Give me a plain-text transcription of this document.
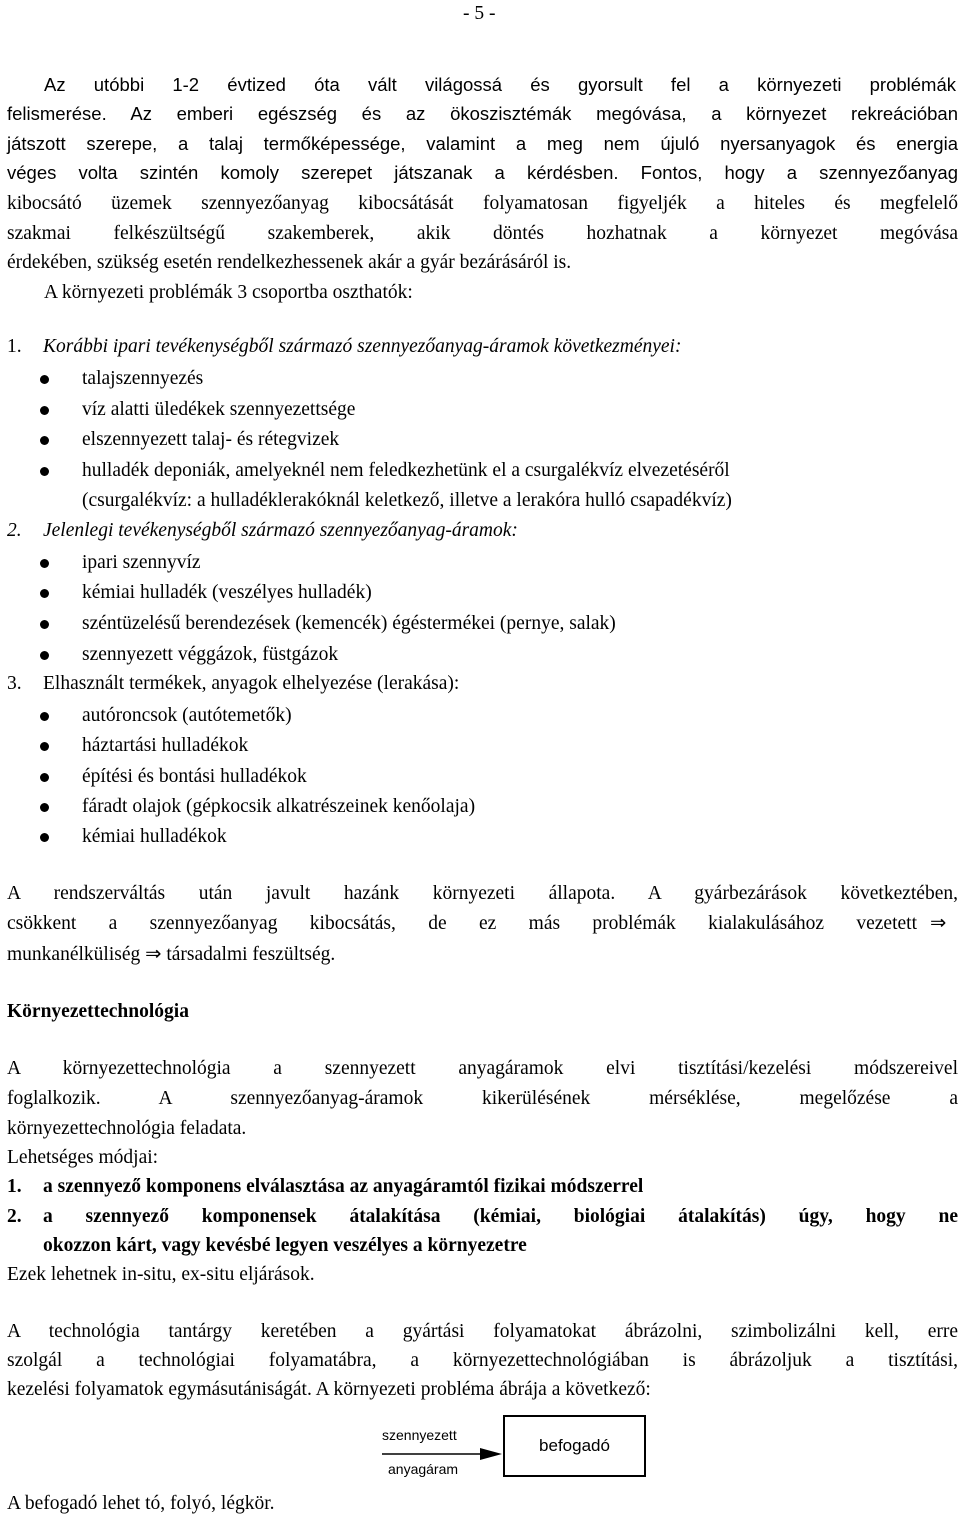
- 5 -
Az utóbbi 1-2 évtized óta vált világossá és gyorsult fel a környezeti problémák
felismerése. Az emberi egészség és az ökoszisztémák megóvása, a környezet rekreációban
játszott szerepe, a talaj termőképessége, valamint a meg nem újuló nyersanyagok és energia
véges volta szintén komoly szerepet játszanak a kérdésben. Fontos, hogy a szennyezőanyag
kibocsátó üzemek szennyezőanyag kibocsátását folyamatosan figyeljék a hiteles és megfelelő
szakmai felkészültségű szakemberek, akik döntés hozhatnak a környezet megóvása
érdekében, szükség esetén rendelkezhessenek akár a gyár bezárásáról is.
A környezeti problémák 3 csoportba oszthatók:
1. Korábbi ipari tevékenységből származó szennyezőanyag-áramok következményei:
talajszennyezés
víz alatti üledékek szennyezettsége
elszennyezett talaj- és rétegvizek
hulladék deponiák, amelyeknél nem feledkezhetünk el a csurgalékvíz elvezetéséről
(csurgalékvíz: a hulladéklerakóknál keletkező, illetve a lerakóra hulló csapadékvíz)
2. Jelenlegi tevékenységből származó szennyezőanyag-áramok:
ipari szennyvíz
kémiai hulladék (veszélyes hulladék)
széntüzelésű berendezések (kemencék) égéstermékei (pernye, salak)
szennyezett véggázok, füstgázok
3. Elhasznált termékek, anyagok elhelyezése (lerakása):
autóroncsok (autótemetők)
háztartási hulladékok
építési és bontási hulladékok
fáradt olajok (gépkocsik alkatrészeinek kenőolaja)
kémiai hulladékok
A rendszerváltás után javult hazánk környezeti állapota. A gyárbezárások következtében,
csökkent a szennyezőanyag kibocsátás, de ez más problémák kialakulásához vezetett ⇒
munkanélküliség ⇒ társadalmi feszültség.
Környezettechnológia
A környezettechnológia a szennyezett anyagáramok elvi tisztítási/kezelési módszereivel
foglalkozik. A szennyezőanyag-áramok kikerülésének mérséklése, megelőzése a
környezettechnológia feladata.
Lehetséges módjai:
1. a szennyező komponens elválasztása az anyagáramtól fizikai módszerrel
2. a szennyező komponensek átalakítása (kémiai, biológiai átalakítás) úgy, hogy ne
okozzon kárt, vagy kevésbé legyen veszélyes a környezetre
Ezek lehetnek in-situ, ex-situ eljárások.
A technológia tantárgy keretében a gyártási folyamatokat ábrázolni, szimbolizálni kell, erre
szolgál a technológiai folyamatábra, a környezettechnológiában is ábrázoljuk a tisztítási,
kezelési folyamatok egymásutániságát. A környezeti probléma ábrája a következő:
szennyezett
anyagáram
befogadó
A befogadó lehet tó, folyó, légkör.
